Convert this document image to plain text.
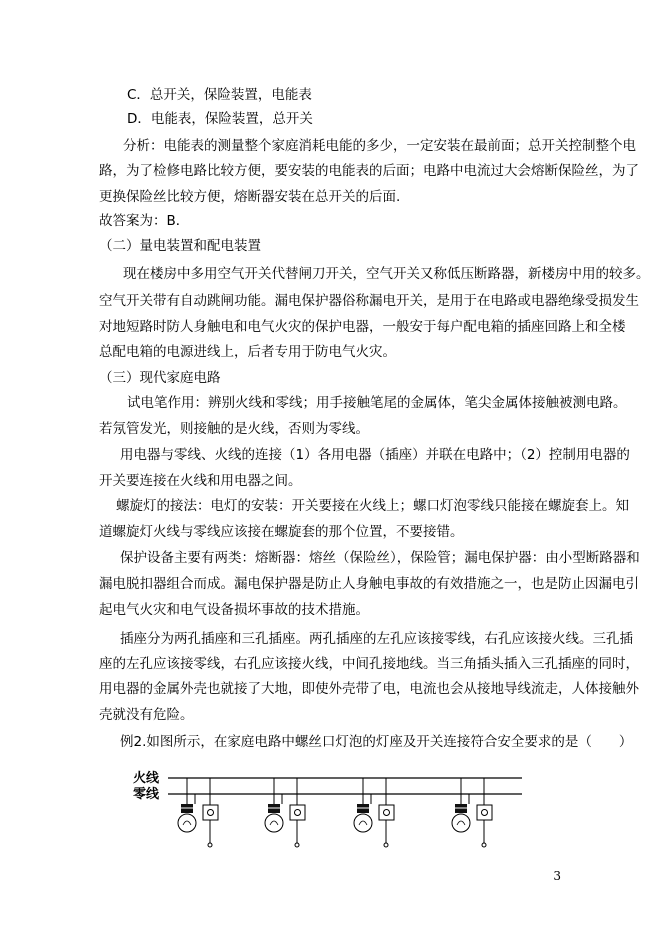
C．总开关，保险装置，电能表
D．电能表，保险装置，总开关
分析：电能表的测量整个家庭消耗电能的多少，一定安装在最前面；总开关控制整个电
路，为了检修电路比较方便，要安装的电能表的后面；电路中电流过大会熔断保险丝，为了
更换保险丝比较方便，熔断器安装在总开关的后面.
故答案为：B．
（二）量电装置和配电装置
现在楼房中多用空气开关代替闸刀开关，空气开关又称低压断路器，新楼房中用的较多。
空气开关带有自动跳闸功能。漏电保护器俗称漏电开关，是用于在电路或电器绝缘受损发生
对地短路时防人身触电和电气火灾的保护电器，一般安于每户配电箱的插座回路上和全楼
总配电箱的电源进线上，后者专用于防电气火灾。
（三）现代家庭电路
试电笔作用：辨别火线和零线；用手接触笔尾的金属体，笔尖金属体接触被测电路。
若氖管发光，则接触的是火线，否则为零线。
用电器与零线、火线的连接（1）各用电器（插座）并联在电路中；（2）控制用电器的
开关要连接在火线和用电器之间。
螺旋灯的接法：电灯的安装：开关要接在火线上；螺口灯泡零线只能接在螺旋套上。知
道螺旋灯火线与零线应该接在螺旋套的那个位置，不要接错。
保护设备主要有两类：熔断器：熔丝（保险丝），保险管；漏电保护器：由小型断路器和
漏电脱扣器组合而成。漏电保护器是防止人身触电事故的有效措施之一，也是防止因漏电引
起电气火灾和电气设备损坏事故的技术措施。
插座分为两孔插座和三孔插座。两孔插座的左孔应该接零线，右孔应该接火线。三孔插
座的左孔应该接零线，右孔应该接火线，中间孔接地线。当三角插头插入三孔插座的同时，
用电器的金属外壳也就接了大地，即使外壳带了电，电流也会从接地导线流走，人体接触外
壳就没有危险。
例2.如图所示，在家庭电路中螺丝口灯泡的灯座及开关连接符合安全要求的是（　　）
火线
零线
3
